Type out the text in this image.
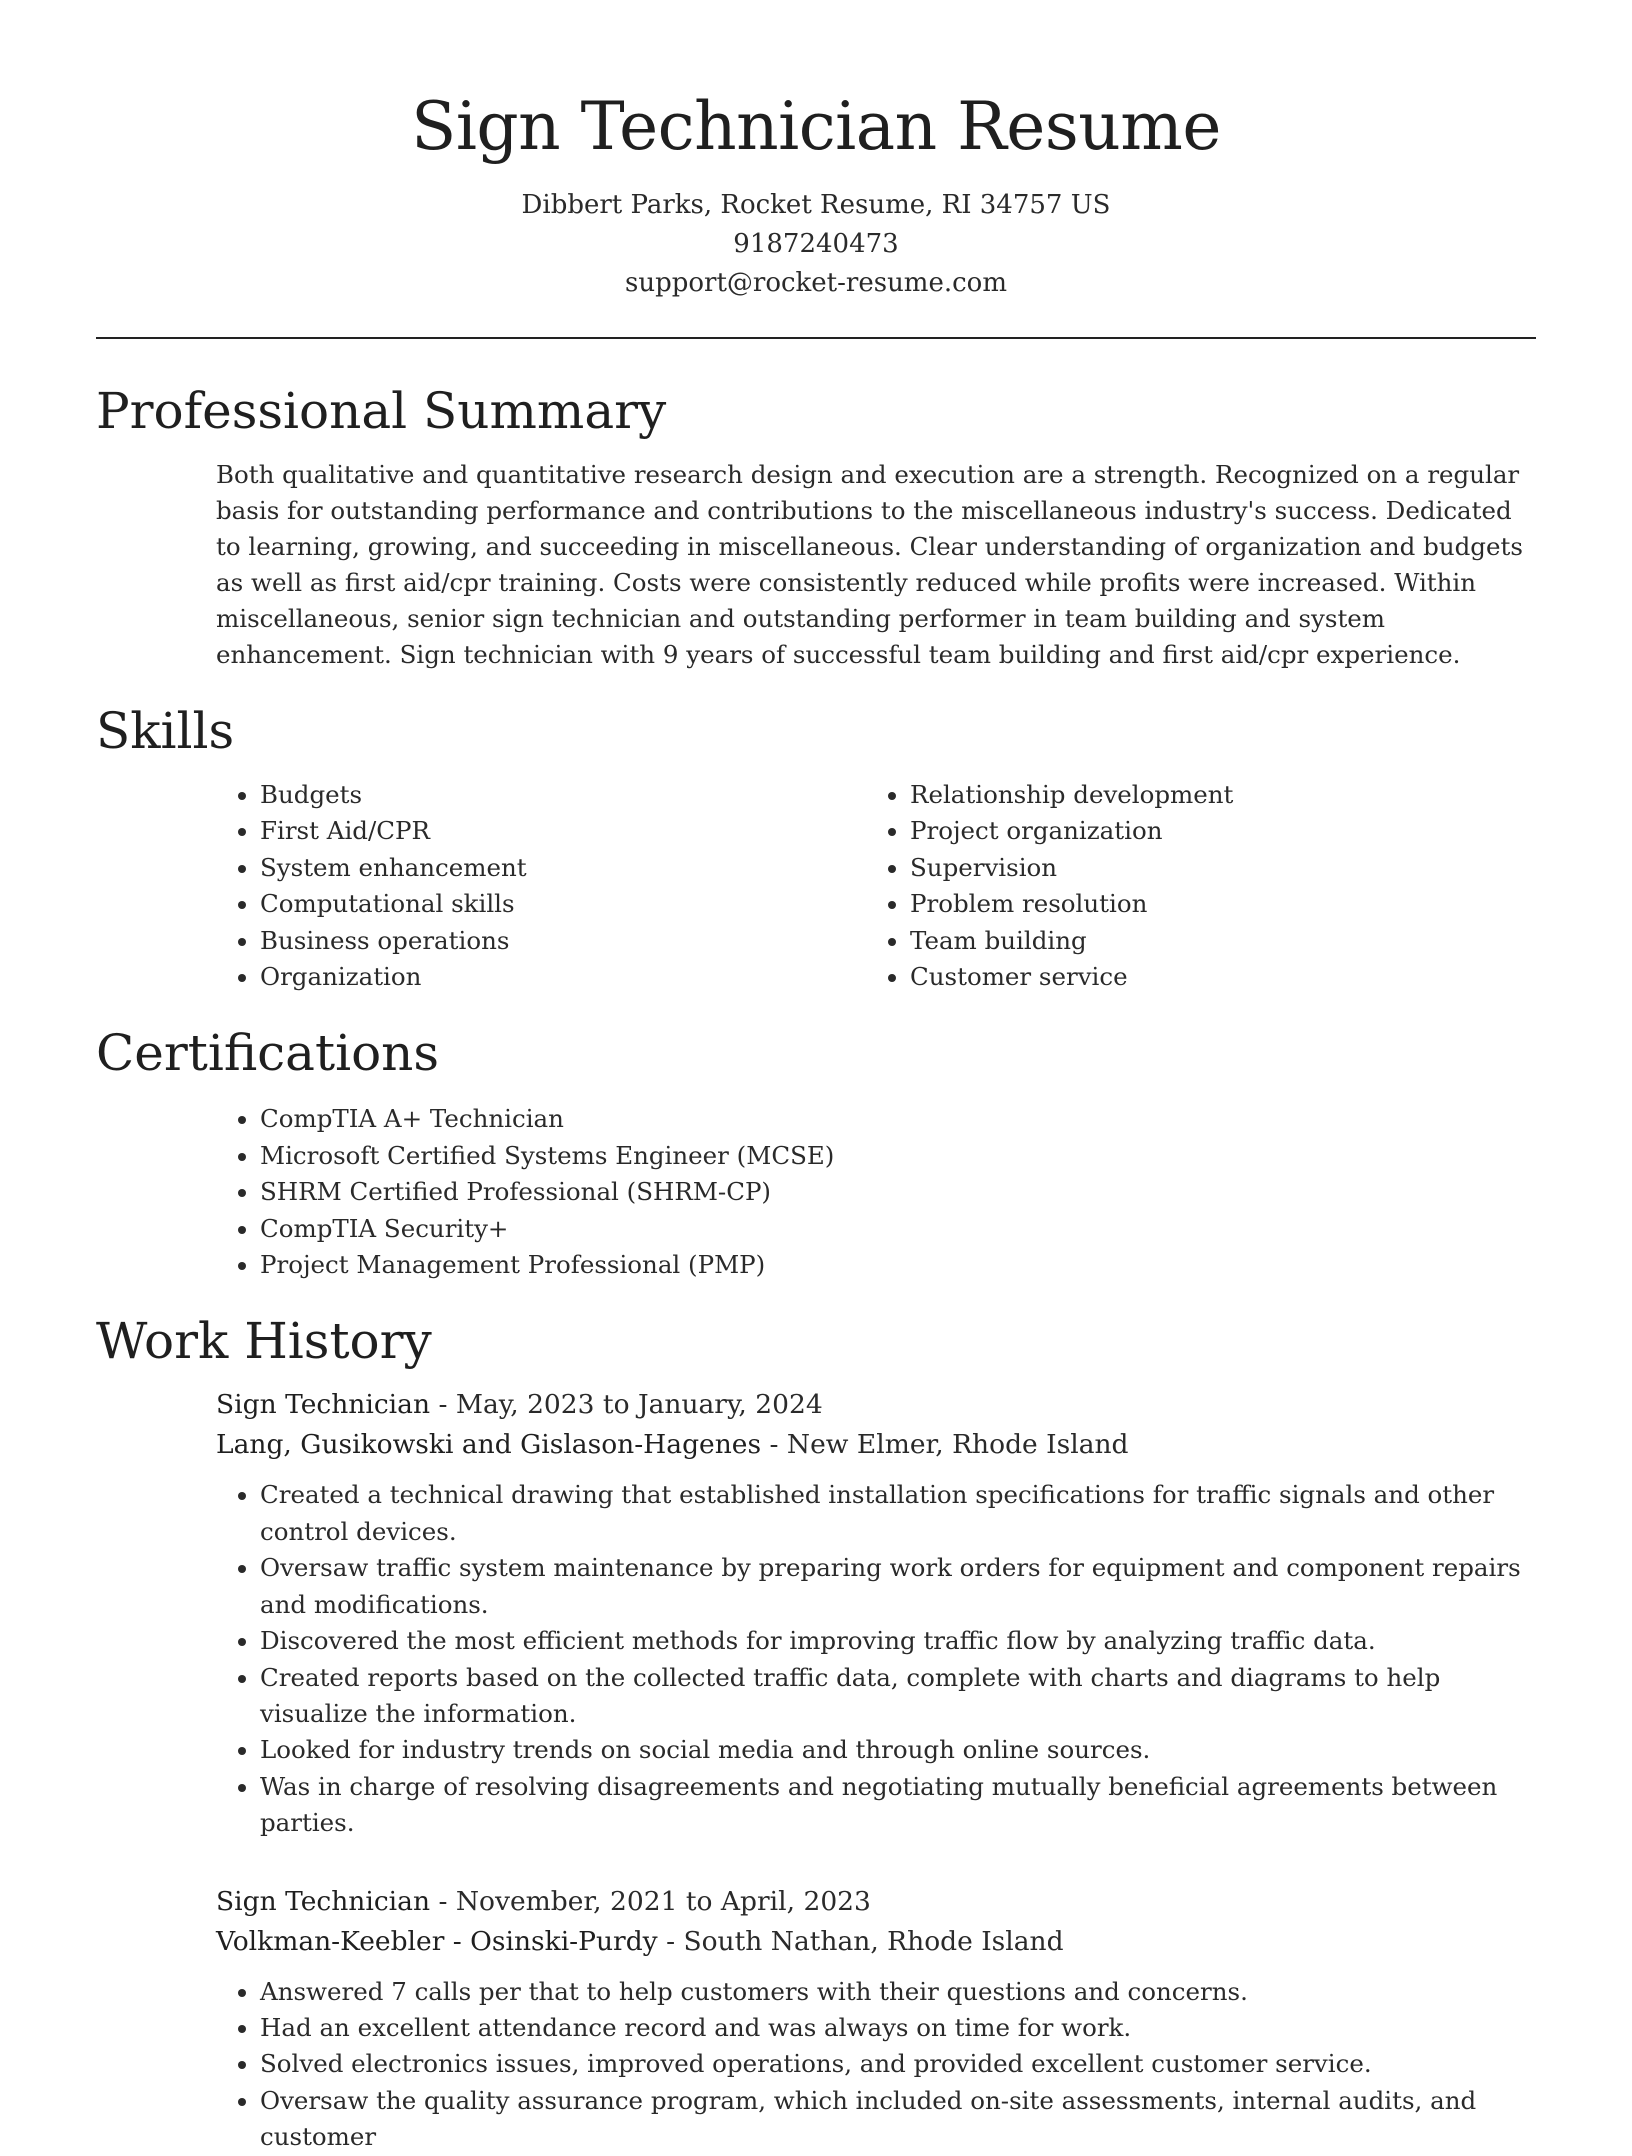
Sign Technician Resume
Dibbert Parks, Rocket Resume, RI 34757 US
9187240473
support@rocket-resume.com
Professional Summary

Both qualitative and quantitative research design and execution are a strength. Recognized on a regular basis for outstanding performance and contributions to the miscellaneous industry's success. Dedicated to learning, growing, and succeeding in miscellaneous. Clear understanding of organization and budgets as well as first aid/cpr training. Costs were consistently reduced while profits were increased. Within miscellaneous, senior sign technician and outstanding performer in team building and system enhancement. Sign technician with 9 years of successful team building and first aid/cpr experience.

Skills
• Budgets
• First Aid/CPR
• System enhancement
• Computational skills
• Business operations
• Organization
• Relationship development
• Project organization
• Supervision
• Problem resolution
• Team building
• Customer service
Certifications
• CompTIA A+ Technician
• Microsoft Certified Systems Engineer (MCSE)
• SHRM Certified Professional (SHRM-CP)
• CompTIA Security+
• Project Management Professional (PMP)
Work History
Sign Technician - May, 2023 to January, 2024
Lang, Gusikowski and Gislason-Hagenes - New Elmer, Rhode Island
• Created a technical drawing that established installation specifications for traffic signals and other control devices.
• Oversaw traffic system maintenance by preparing work orders for equipment and component repairs and modifications.
• Discovered the most efficient methods for improving traffic flow by analyzing traffic data.
• Created reports based on the collected traffic data, complete with charts and diagrams to help visualize the information.
• Looked for industry trends on social media and through online sources.
• Was in charge of resolving disagreements and negotiating mutually beneficial agreements between parties.
Sign Technician - November, 2021 to April, 2023
Volkman-Keebler - Osinski-Purdy - South Nathan, Rhode Island
• Answered 7 calls per that to help customers with their questions and concerns.
• Had an excellent attendance record and was always on time for work.
• Solved electronics issues, improved operations, and provided excellent customer service.
• Oversaw the quality assurance program, which included on-site assessments, internal audits, and customer
